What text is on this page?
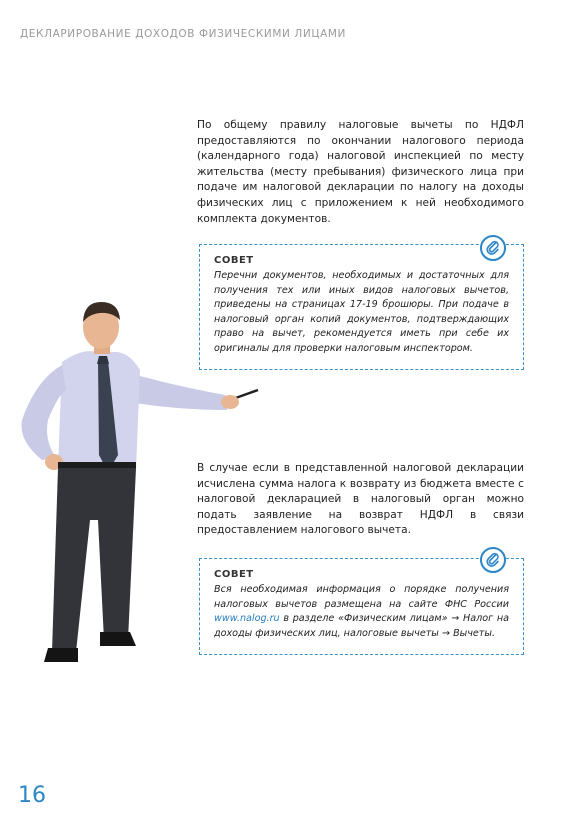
ДЕКЛАРИРОВАНИЕ ДОХОДОВ ФИЗИЧЕСКИМИ ЛИЦАМИ

По общему правилу налоговые вычеты по НДФЛ предоставляются по окончании налогового периода (календарного года) налоговой инспекцией по месту жительства (месту пребывания) физического лица при подаче им налоговой декларации по налогу на доходы физических лиц с приложением к ней необходимого комплекта документов.

СОВЕТ

Перечни документов, необходимых и достаточных для получения тех или иных видов налоговых вычетов, приведены на страницах 17-19 брошюры. При подаче в налоговый орган копий документов, подтверждающих право на вычет, рекомендуется иметь при себе их оригиналы для проверки налоговым инспектором.

В случае если в представленной налоговой декларации исчислена сумма налога к возврату из бюджета вместе с налоговой декларацией в налоговый орган можно подать заявление на возврат НДФЛ в связи предоставлением налогового вычета.

СОВЕТ

Вся необходимая информация о порядке получения налоговых вычетов размещена на сайте ФНС России www.nalog.ru в разделе «Физическим лицам» → Налог на доходы физических лиц, налоговые вычеты → Вычеты.

16
